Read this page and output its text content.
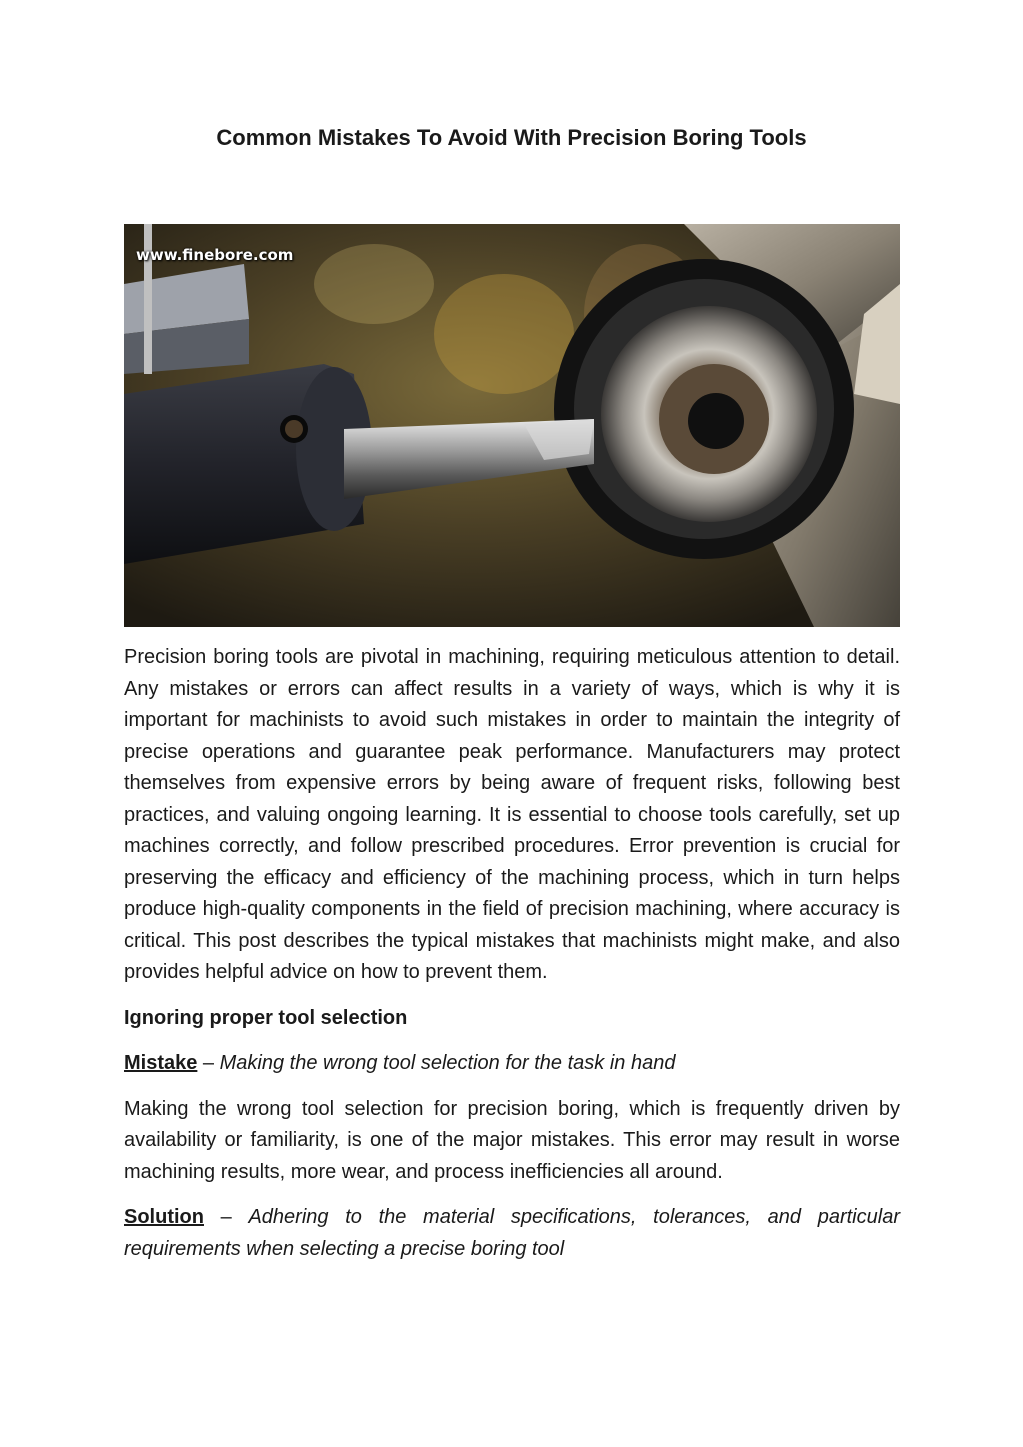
Common Mistakes To Avoid With Precision Boring Tools
www.finebore.com

Precision boring tools are pivotal in machining, requiring meticulous attention to detail. Any mistakes or errors can affect results in a variety of ways, which is why it is important for machinists to avoid such mistakes in order to maintain the integrity of precise operations and guarantee peak performance. Manufacturers may protect themselves from expensive errors by being aware of frequent risks, following best practices, and valuing ongoing learning. It is essential to choose tools carefully, set up machines correctly, and follow prescribed procedures. Error prevention is crucial for preserving the efficacy and efficiency of the machining process, which in turn helps produce high-quality components in the field of precision machining, where accuracy is critical. This post describes the typical mistakes that machinists might make, and also provides helpful advice on how to prevent them.

Ignoring proper tool selection

Mistake – Making the wrong tool selection for the task in hand

Making the wrong tool selection for precision boring, which is frequently driven by availability or familiarity, is one of the major mistakes. This error may result in worse machining results, more wear, and process inefficiencies all around.

Solution – Adhering to the material specifications, tolerances, and particular requirements when selecting a precise boring tool
